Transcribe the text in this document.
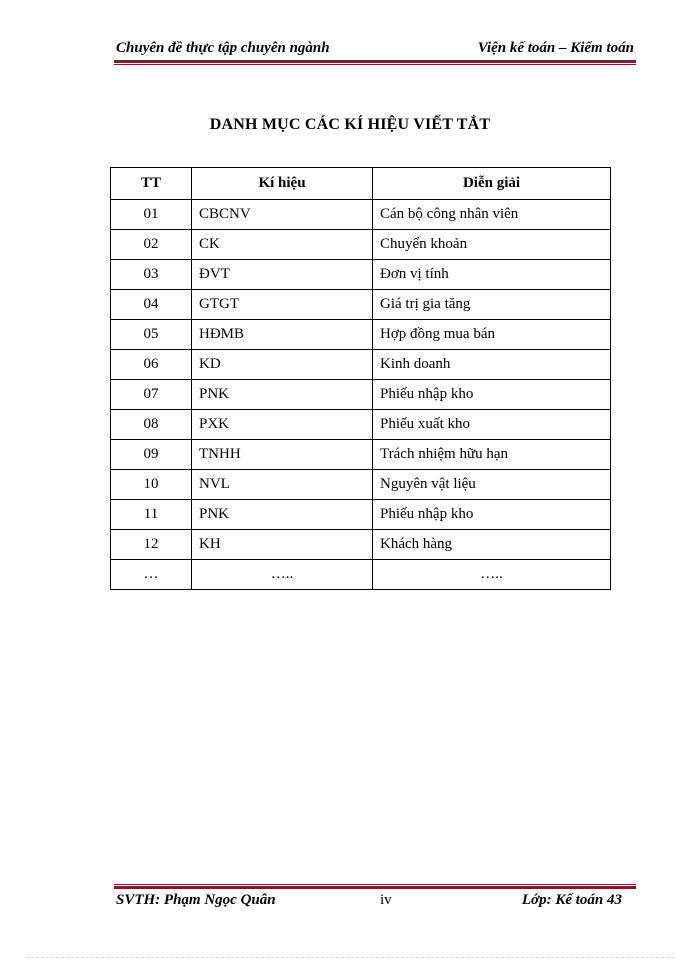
Chuyên đề thực tập chuyên ngành	Viện kế toán – Kiểm toán
DANH MỤC CÁC KÍ HIỆU VIẾT TẮT
TT	Kí hiệu	Diễn giải
01	CBCNV	Cán bộ công nhân viên
02	CK	Chuyển khoản
03	ĐVT	Đơn vị tính
04	GTGT	Giá trị gia tăng
05	HĐMB	Hợp đồng mua bán
06	KD	Kinh doanh
07	PNK	Phiếu nhập kho
08	PXK	Phiếu xuất kho
09	TNHH	Trách nhiệm hữu hạn
10	NVL	Nguyên vật liệu
11	PNK	Phiếu nhập kho
12	KH	Khách hàng
…	…..	…..
SVTH: Phạm Ngọc Quân	iv	Lớp: Kế toán 43
